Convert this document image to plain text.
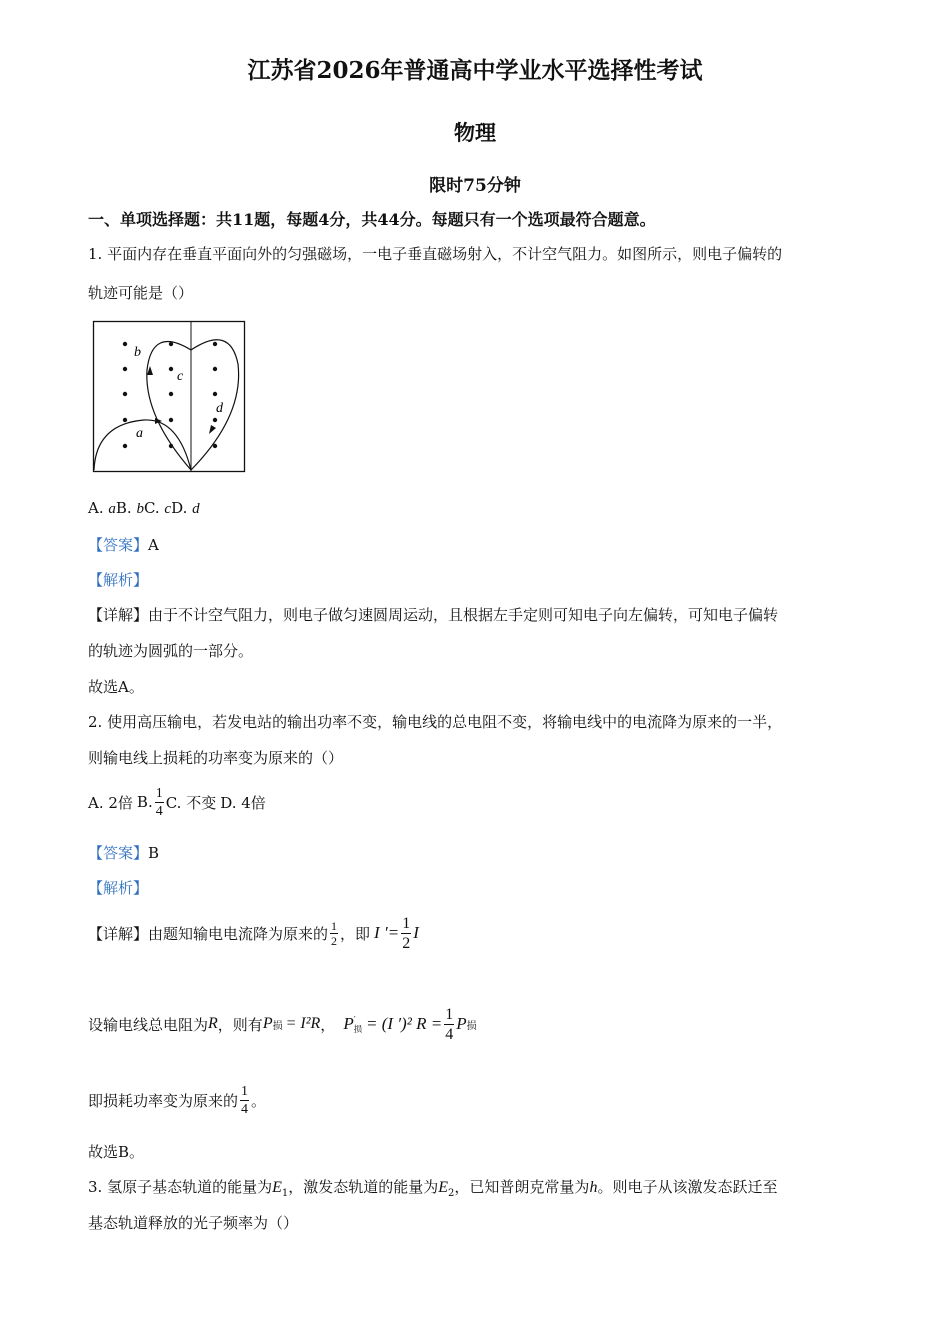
江苏省2026年普通高中学业水平选择性考试
物理
限时75分钟
一、单项选择题：共11题，每题4分，共44分。每题只有一个选项最符合题意。
1. 平面内存在垂直平面向外的匀强磁场，一电子垂直磁场射入，不计空气阻力。如图所示，则电子偏转的
轨迹可能是（）
b
c
d
a
A. aB. bC. cD. d
【答案】A
【解析】
【详解】由于不计空气阻力，则电子做匀速圆周运动，且根据左手定则可知电子向左偏转，可知电子偏转
的轨迹为圆弧的一部分。
故选A。
2. 使用高压输电，若发电站的输出功率不变，输电线的总电阻不变，将输电线中的电流降为原来的一半，
则输电线上损耗的功率变为原来的（）
A. 2倍 B. $\frac{1}{4} C$. 不变 D. 4倍
【答案】B
【解析】
【详解】 由题知输电电流降为原来的 $\frac{1}{2}$ ，即 I ′ = $\frac{1}{2}$ I
设输电线总电阻为 R ，则有 P 损 = I²R ， P ′
损 = (I ′)² $R = \frac{1}{4}$ P 损
即损耗功率变为原来的 $\frac{1}{4}$ 。
故选B。
3. 氢原子基态轨道的能量为$E_1$，激发态轨道的能量为$E_2$，已知普朗克常量为h。则电子从该激发态跃迁至
基态轨道释放的光子频率为（）
